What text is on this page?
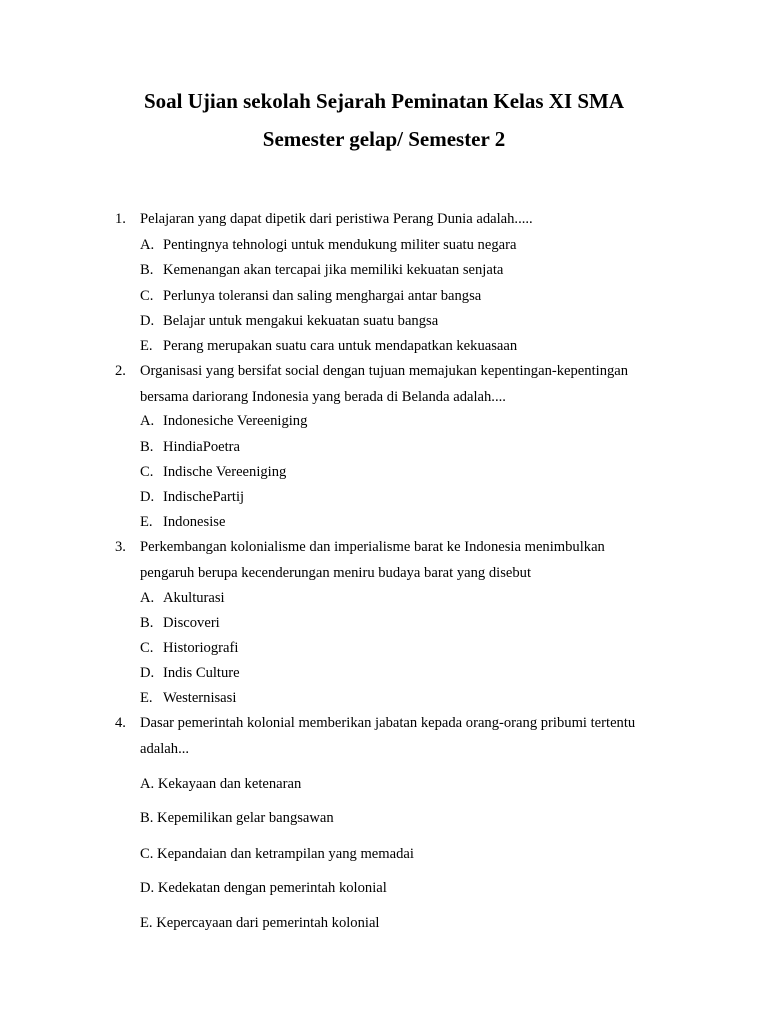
Soal Ujian sekolah Sejarah Peminatan Kelas XI SMA
Semester gelap/ Semester 2
1. Pelajaran yang dapat dipetik dari peristiwa Perang Dunia adalah.....
A. Pentingnya tehnologi untuk mendukung militer suatu negara
B. Kemenangan akan tercapai jika memiliki kekuatan senjata
C. Perlunya toleransi dan saling menghargai antar bangsa
D. Belajar untuk mengakui kekuatan suatu bangsa
E. Perang merupakan suatu cara untuk mendapatkan kekuasaan
2. Organisasi yang bersifat social dengan tujuan memajukan kepentingan-kepentingan
bersama dariorang Indonesia yang berada di Belanda adalah....
A. Indonesiche Vereeniging
B. HindiaPoetra
C. Indische Vereeniging
D. IndischePartij
E. Indonesise
3. Perkembangan kolonialisme dan imperialisme barat ke Indonesia menimbulkan
pengaruh berupa kecenderungan meniru budaya barat yang disebut
A. Akulturasi
B. Discoveri
C. Historiografi
D. Indis Culture
E. Westernisasi
4. Dasar pemerintah kolonial memberikan jabatan kepada orang-orang pribumi tertentu
adalah...
A. Kekayaan dan ketenaran
B. Kepemilikan gelar bangsawan
C. Kepandaian dan ketrampilan yang memadai
D. Kedekatan dengan pemerintah kolonial
E. Kepercayaan dari pemerintah kolonial
